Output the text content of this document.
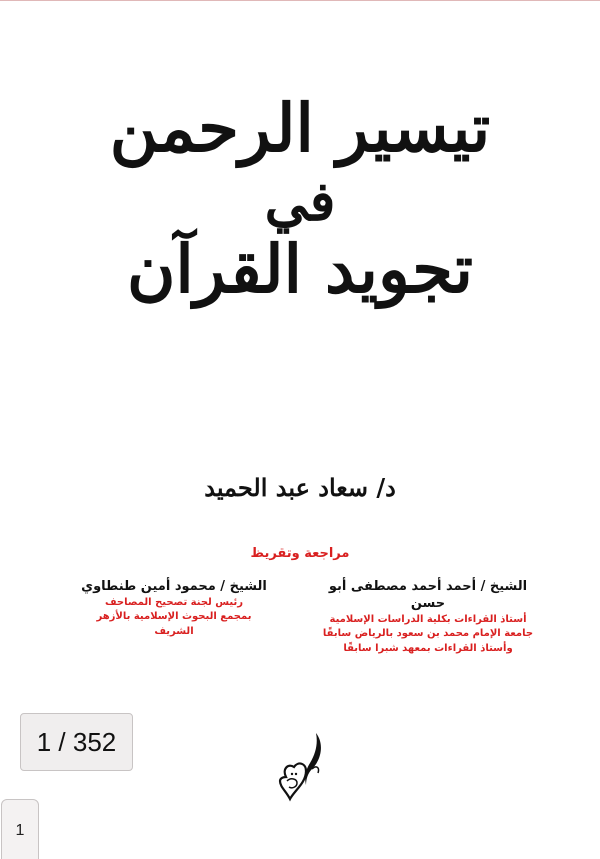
تيسير الرحمن
في
تجويد القرآن
د/ سعاد عبد الحميد
مراجعة وتقريظ
الشيخ / أحمد أحمد مصطفى أبو حسن
أستاذ القراءات بكلية الدراسات الإسلامية
جامعة الإمام محمد بن سعود بالرياض سابقًا
وأستاذ القراءات بمعهد شبرا سابقًا
الشيخ / محمود أمين طنطاوي
رئيس لجنة تصحيح المصاحف
بمجمع البحوث الإسلامية بالأزهر الشريف
1 / 352
1
